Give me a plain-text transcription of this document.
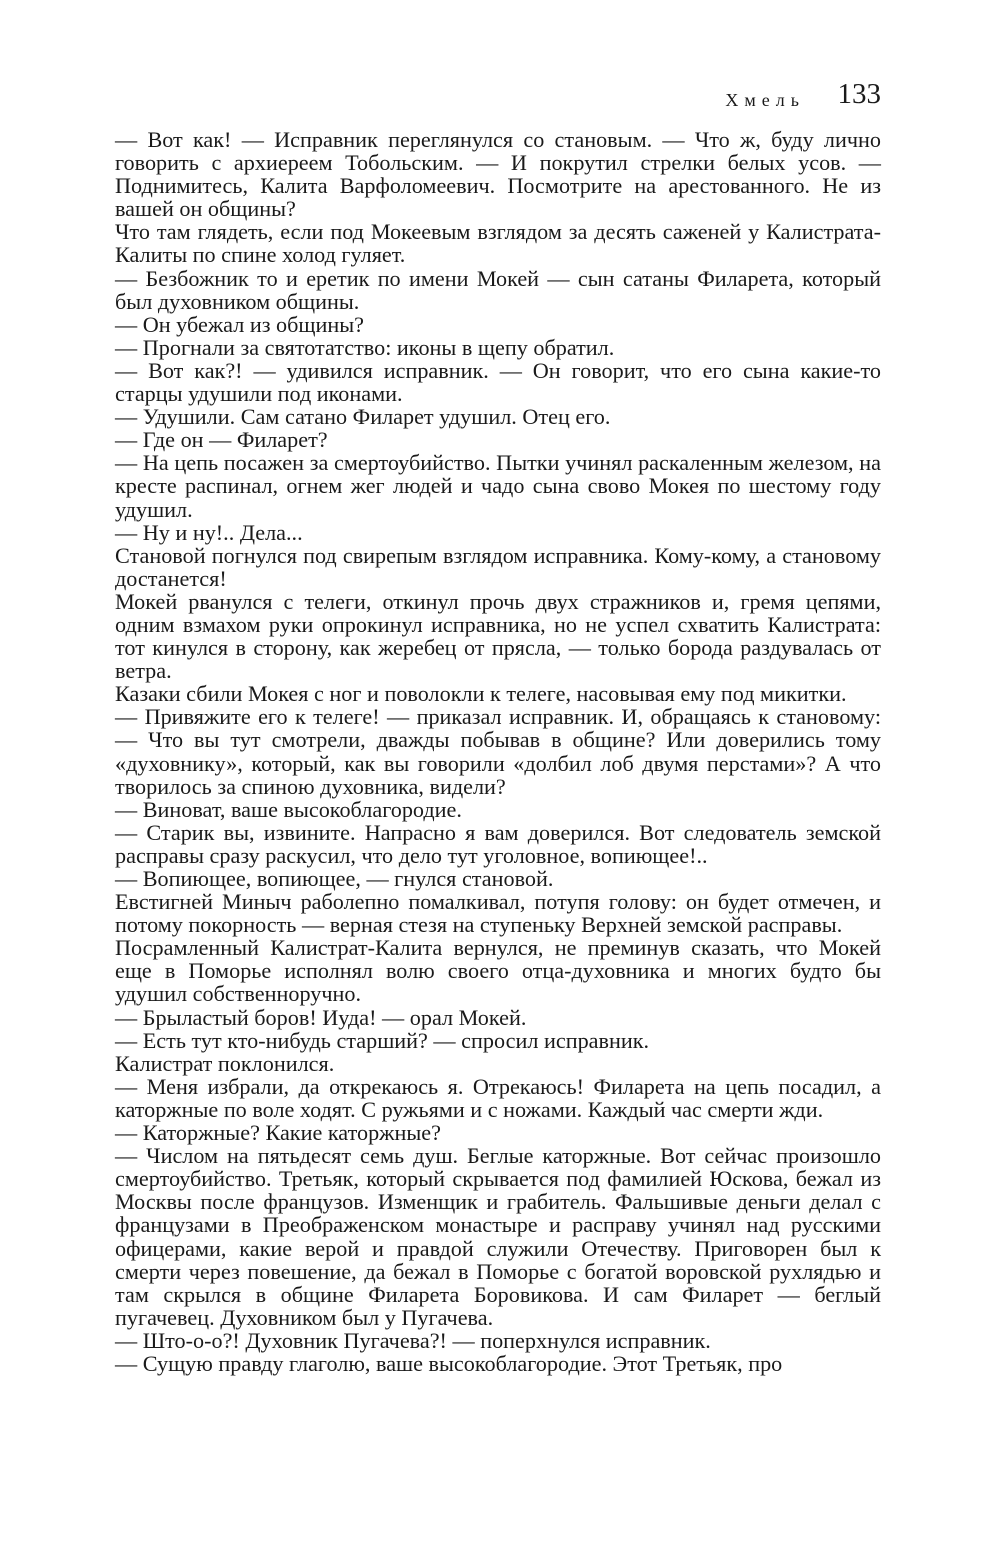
Хмель 133

— Вот как! — Исправник переглянулся со становым. — Что ж, буду лично говорить с архиереем Тобольским. — И покрутил стрелки белых усов. — Поднимитесь, Калита Варфоломеевич. Посмотрите на арестованного. Не из вашей он общины?

Что там глядеть, если под Мокеевым взглядом за десять саженей у Калистрата-Калиты по спине холод гуляет.

— Безбожник то и еретик по имени Мокей — сын сатаны Филарета, который был духовником общины.

— Он убежал из общины?

— Прогнали за святотатство: иконы в щепу обратил.

— Вот как?! — удивился исправник. — Он говорит, что его сына какие-то старцы удушили под иконами.

— Удушили. Сам сатано Филарет удушил. Отец его.

— Где он — Филарет?

— На цепь посажен за смертоубийство. Пытки учинял раскаленным железом, на кресте распинал, огнем жег людей и чадо сына свово Мокея по шестому году удушил.

— Ну и ну!.. Дела...

Становой погнулся под свирепым взглядом исправника. Кому-кому, а становому достанется!

Мокей рванулся с телеги, откинул прочь двух стражников и, гремя цепями, одним взмахом руки опрокинул исправника, но не успел схватить Калистрата: тот кинулся в сторону, как жеребец от прясла, — только борода раздувалась от ветра.

Казаки сбили Мокея с ног и поволокли к телеге, насовывая ему под микитки.

— Привяжите его к телеге! — приказал исправник. И, обращаясь к становому: — Что вы тут смотрели, дважды побывав в общине? Или доверились тому «духовнику», который, как вы говорили «долбил лоб двумя перстами»? А что творилось за спиною духовника, видели?

— Виноват, ваше высокоблагородие.

— Старик вы, извините. Напрасно я вам доверился. Вот следователь земской расправы сразу раскусил, что дело тут уголовное, вопиющее!..

— Вопиющее, вопиющее, — гнулся становой.

Евстигней Миныч раболепно помалкивал, потупя голову: он будет отмечен, и потому покорность — верная стезя на ступеньку Верхней земской расправы.

Посрамленный Калистрат-Калита вернулся, не преминув сказать, что Мокей еще в Поморье исполнял волю своего отца-духовника и многих будто бы удушил собственноручно.

— Брыластый боров! Иуда! — орал Мокей.

— Есть тут кто-нибудь старший? — спросил исправник.

Калистрат поклонился.

— Меня избрали, да открекаюсь я. Отрекаюсь! Филарета на цепь посадил, а каторжные по воле ходят. С ружьями и с ножами. Каждый час смерти жди.

— Каторжные? Какие каторжные?

— Числом на пятьдесят семь душ. Беглые каторжные. Вот сейчас произошло смертоубийство. Третьяк, который скрывается под фамилией Юскова, бежал из Москвы после французов. Изменщик и грабитель. Фальшивые деньги делал с французами в Преображенском монастыре и расправу учинял над русскими офицерами, какие верой и правдой служили Отечеству. Приговорен был к смерти через повешение, да бежал в Поморье с богатой воровской рухлядью и там скрылся в общине Филарета Боровикова. И сам Филарет — беглый пугачевец. Духовником был у Пугачева.

— Што-о-о?! Духовник Пугачева?! — поперхнулся исправник.

— Сущую правду глаголю, ваше высокоблагородие. Этот Третьяк, про
